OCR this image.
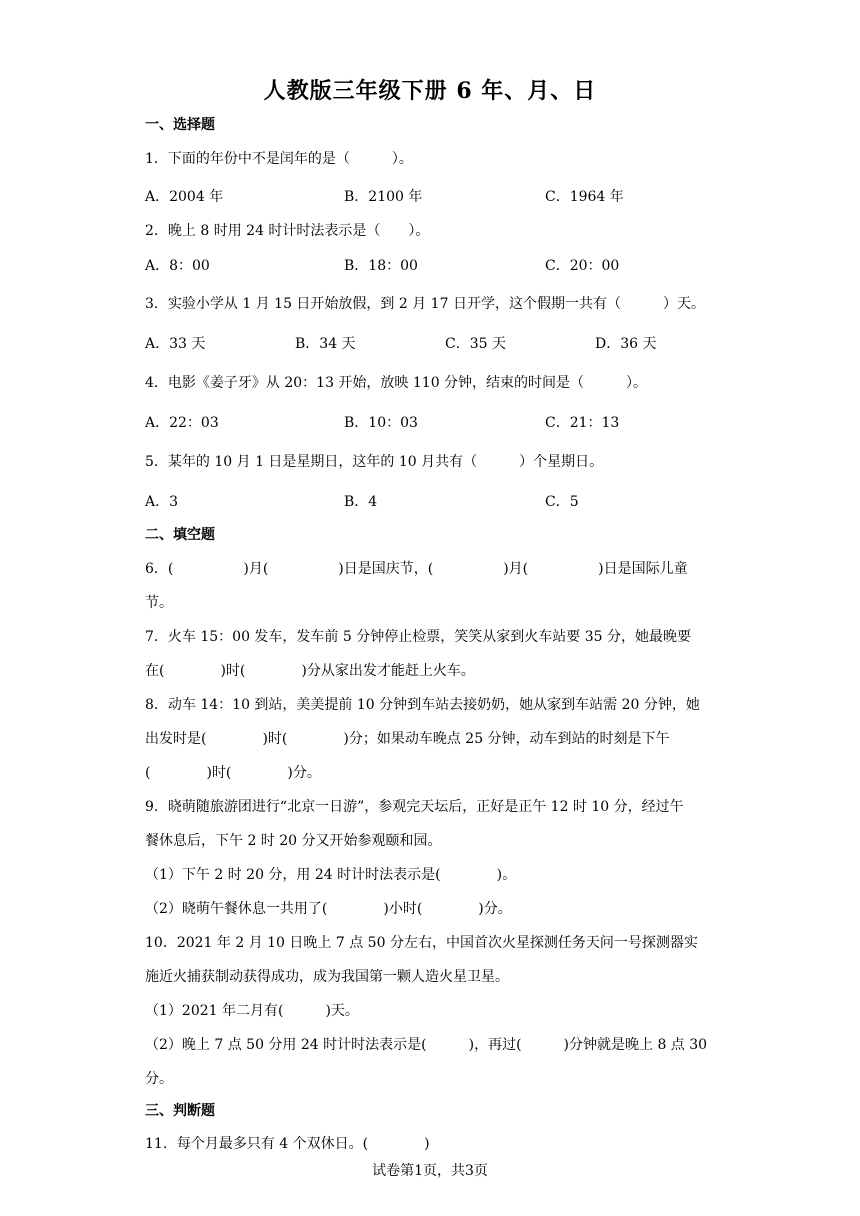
人教版三年级下册 6 年、月、日
一、选择题
1．下面的年份中不是闰年的是（　　　）。
A．2004 年	B．2100 年	C．1964 年
2．晚上 8 时用 24 时计时法表示是（　　）。
A．8：00	B．18：00	C．20：00
3．实验小学从 1 月 15 日开始放假，到 2 月 17 日开学，这个假期一共有（　　　）天。
A．33 天	B．34 天	C．35 天	D．36 天
4．电影《姜子牙》从 20：13 开始，放映 110 分钟，结束的时间是（　　　）。
A．22：03	B．10：03	C．21：13
5．某年的 10 月 1 日是星期日，这年的 10 月共有（　　　）个星期日。
A．3	B．4	C．5
二、填空题
6．(　　　　　)月(　　　　　)日是国庆节，(　　　　　)月(　　　　　)日是国际儿童
节。
7．火车 15：00 发车，发车前 5 分钟停止检票，笑笑从家到火车站要 35 分，她最晚要
在(　　　　)时(　　　　)分从家出发才能赶上火车。
8．动车 14：10 到站，美美提前 10 分钟到车站去接奶奶，她从家到车站需 20 分钟，她
出发时是(　　　　)时(　　　　)分；如果动车晚点 25 分钟，动车到站的时刻是下午
(　　　　)时(　　　　)分。
9．晓萌随旅游团进行“北京一日游”，参观完天坛后，正好是正午 12 时 10 分，经过午
餐休息后，下午 2 时 20 分又开始参观颐和园。
（1）下午 2 时 20 分，用 24 时计时法表示是(　　　　)。
（2）晓萌午餐休息一共用了(　　　　)小时(　　　　)分。
10．2021 年 2 月 10 日晚上 7 点 50 分左右，中国首次火星探测任务天问一号探测器实
施近火捕获制动获得成功，成为我国第一颗人造火星卫星。
（1）2021 年二月有(　　　)天。
（2）晚上 7 点 50 分用 24 时计时法表示是(　　　)，再过(　　　)分钟就是晚上 8 点 30
分。
三、判断题
11．每个月最多只有 4 个双休日。(　　　　)
试卷第1页，共3页
